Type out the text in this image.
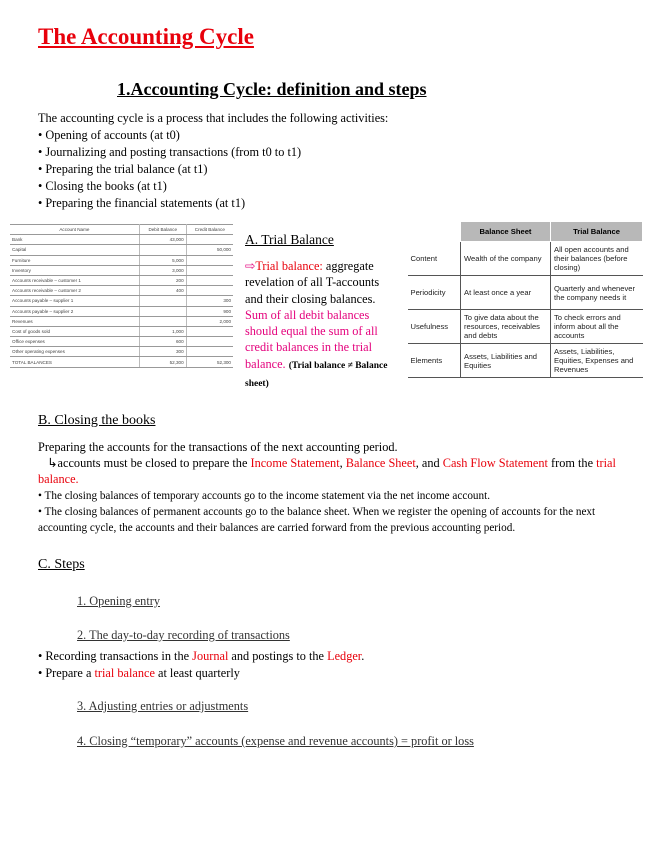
The Accounting Cycle
1.Accounting Cycle: definition and steps
The accounting cycle is a process that includes the following activities:
• Opening of accounts (at t0)
• Journalizing and posting transactions (from t0 to t1)
• Preparing the trial balance (at t1)
• Closing the books (at t1)
• Preparing the financial statements (at t1)
Account Name	Debit Balance	Credit Balance
Bank	43,000	
Capital		50,000
Furniture	5,000	
Inventory	3,000	
Accounts receivable – customer 1	200	
Accounts receivable – customer 2	400	
Accounts payable – supplier 1		300
Accounts payable – supplier 2		900
Revenues		2,000
Cost of goods sold	1,000	
Office expenses	600	
Other operating expenses	300	
TOTAL BALANCES	52,300	52,300
A. Trial Balance
⇨Trial balance: aggregate revelation of all T-accounts and their closing balances. Sum of all debit balances should equal the sum of all credit balances in the trial balance. (Trial balance ≠ Balance sheet)
	Balance Sheet	Trial Balance
Content	Wealth of the company	All open accounts and their balances (before closing)
Periodicity	At least once a year	Quarterly and whenever the company needs it
Usefulness	To give data about the resources, receivables and debts	To check errors and inform about all the accounts
Elements	Assets, Liabilities and Equities	Assets, Liabilities, Equities, Expenses and Revenues
B. Closing the books
Preparing the accounts for the transactions of the next accounting period.
↳accounts must be closed to prepare the Income Statement, Balance Sheet, and Cash Flow Statement from the trial balance.
• The closing balances of temporary accounts go to the income statement via the net income account.
• The closing balances of permanent accounts go to the balance sheet. When we register the opening of accounts for the next accounting cycle, the accounts and their balances are carried forward from the previous accounting period.
C. Steps
1. Opening entry
2. The day-to-day recording of transactions
• Recording transactions in the Journal and postings to the Ledger.
• Prepare a trial balance at least quarterly
3. Adjusting entries or adjustments
4. Closing “temporary” accounts (expense and revenue accounts) = profit or loss
